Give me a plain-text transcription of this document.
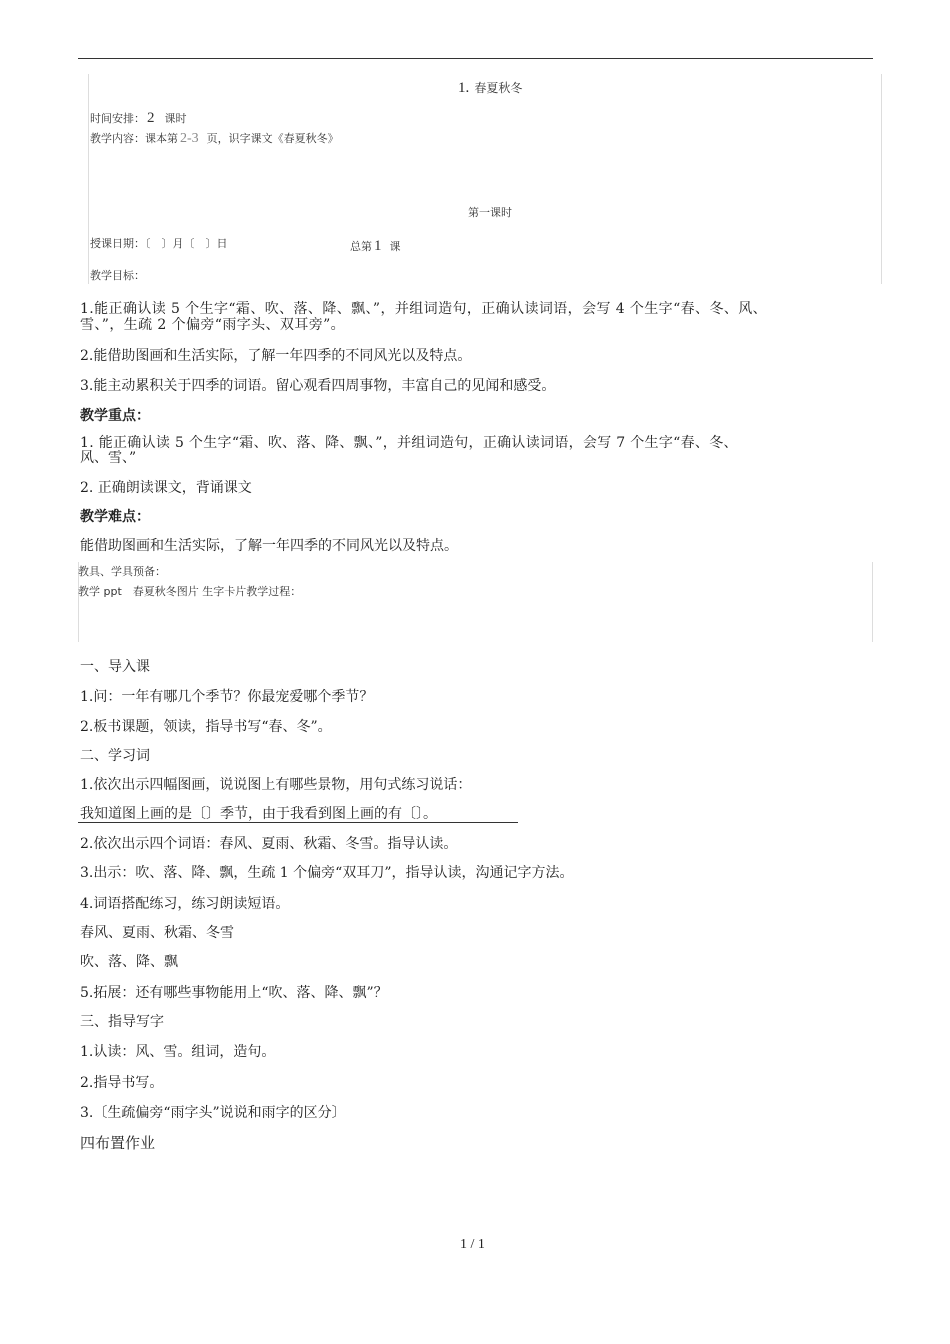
1. 春夏秋冬
时间安排： 2 课时
教学内容：课本第 2-3 页，识字课文《春夏秋冬》
第一课时
授课日期：〔　〕月〔　〕日	总第 1 课
教学目标：
1.能正确认读 5 个生字“霜、吹、落、降、飘、”，并组词造句，正确认读词语，会写 4 个生字“春、冬、风、
雪、”，生疏 2 个偏旁“雨字头、双耳旁”。
2.能借助图画和生活实际，了解一年四季的不同风光以及特点。
3.能主动累积关于四季的词语。留心观看四周事物，丰富自己的见闻和感受。
教学重点：
1. 能正确认读 5 个生字“霜、吹、落、降、飘、”，并组词造句，正确认读词语，会写 7 个生字“春、冬、
风、雪、”
2. 正确朗读课文，背诵课文
教学难点：
能借助图画和生活实际，了解一年四季的不同风光以及特点。
教具、学具预备：
教学 ppt　春夏秋冬图片 生字卡片教学过程：
一、导入课
1.问：一年有哪几个季节？你最宠爱哪个季节？
2.板书课题，领读，指导书写“春、冬”。
二、学习词
1.依次出示四幅图画，说说图上有哪些景物，用句式练习说话：
我知道图上画的是〔〕季节，由于我看到图上画的有〔〕。
2.依次出示四个词语：春风、夏雨、秋霜、冬雪。指导认读。
3.出示：吹、落、降、飘，生疏 1 个偏旁“双耳刀”，指导认读，沟通记字方法。
4.词语搭配练习，练习朗读短语。
春风、夏雨、秋霜、冬雪
吹、落、降、飘
5.拓展：还有哪些事物能用上“吹、落、降、飘”？
三、指导写字
1.认读：风、雪。组词，造句。
2.指导书写。
3.〔生疏偏旁“雨字头”说说和雨字的区分〕
四布置作业
1 / 1
